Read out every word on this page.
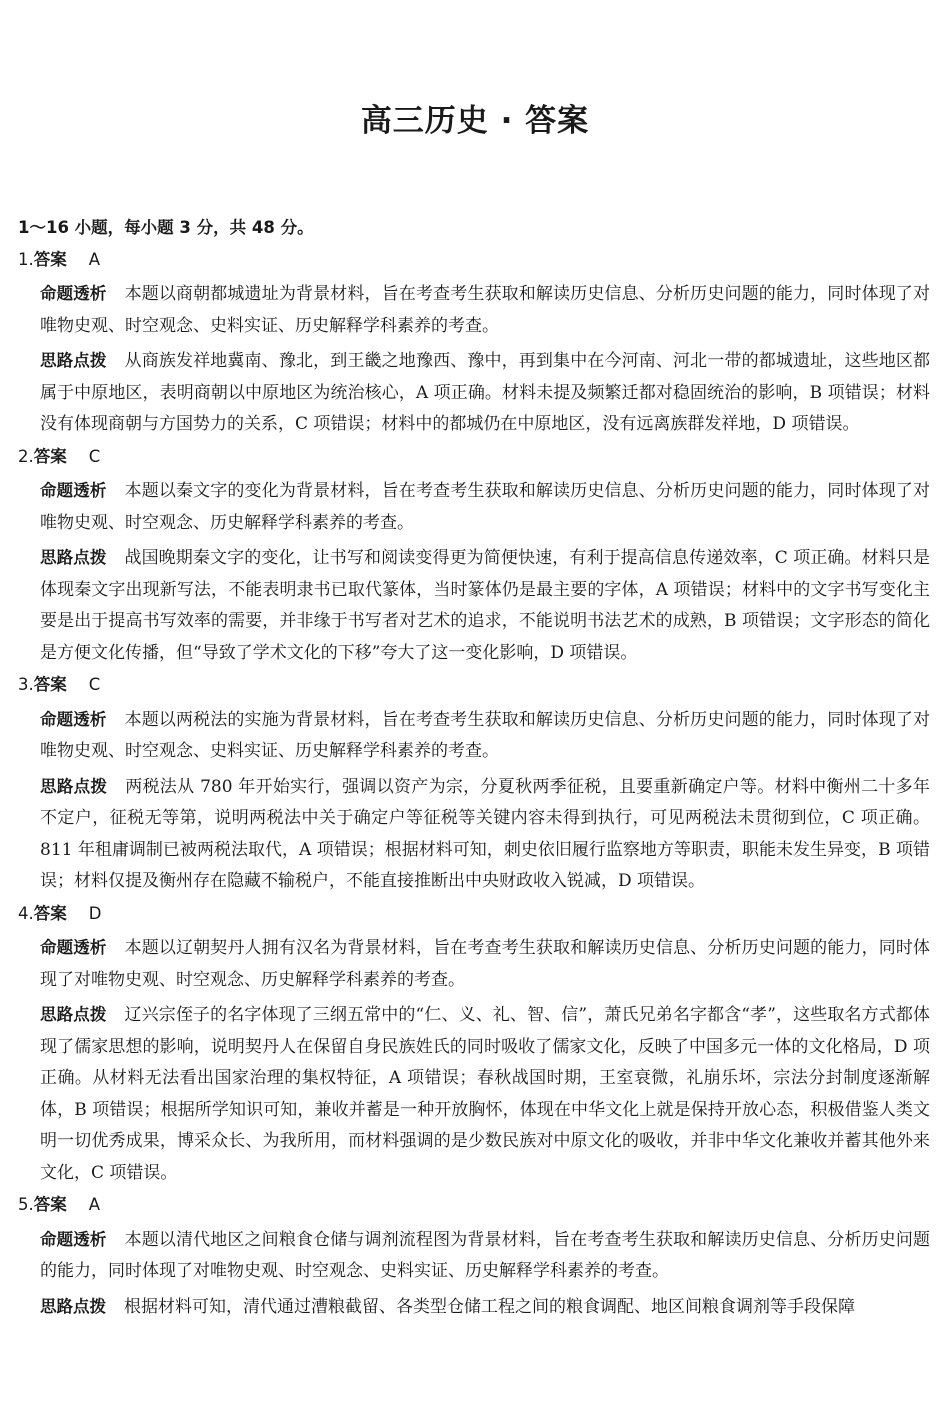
高三历史 · 答案
1～16 小题，每小题 3 分，共 48 分。
1.答案 A
命题透析 本题以商朝都城遗址为背景材料，旨在考查考生获取和解读历史信息、分析历史问题的能力，同时体现了对唯物史观、时空观念、史料实证、历史解释学科素养的考查。
思路点拨 从商族发祥地冀南、豫北，到王畿之地豫西、豫中，再到集中在今河南、河北一带的都城遗址，这些地区都属于中原地区，表明商朝以中原地区为统治核心，A 项正确。材料未提及频繁迁都对稳固统治的影响，B 项错误；材料没有体现商朝与方国势力的关系，C 项错误；材料中的都城仍在中原地区，没有远离族群发祥地，D 项错误。
2.答案 C
命题透析 本题以秦文字的变化为背景材料，旨在考查考生获取和解读历史信息、分析历史问题的能力，同时体现了对唯物史观、时空观念、历史解释学科素养的考查。
思路点拨 战国晚期秦文字的变化，让书写和阅读变得更为简便快速，有利于提高信息传递效率，C 项正确。材料只是体现秦文字出现新写法，不能表明隶书已取代篆体，当时篆体仍是最主要的字体，A 项错误；材料中的文字书写变化主要是出于提高书写效率的需要，并非缘于书写者对艺术的追求，不能说明书法艺术的成熟，B 项错误；文字形态的简化是方便文化传播，但“导致了学术文化的下移”夸大了这一变化影响，D 项错误。
3.答案 C
命题透析 本题以两税法的实施为背景材料，旨在考查考生获取和解读历史信息、分析历史问题的能力，同时体现了对唯物史观、时空观念、史料实证、历史解释学科素养的考查。
思路点拨 两税法从 780 年开始实行，强调以资产为宗，分夏秋两季征税，且要重新确定户等。材料中衡州二十多年不定户，征税无等第，说明两税法中关于确定户等征税等关键内容未得到执行，可见两税法未贯彻到位，C 项正确。811 年租庸调制已被两税法取代，A 项错误；根据材料可知，刺史依旧履行监察地方等职责，职能未发生异变，B 项错误；材料仅提及衡州存在隐藏不输税户，不能直接推断出中央财政收入锐减，D 项错误。
4.答案 D
命题透析 本题以辽朝契丹人拥有汉名为背景材料，旨在考查考生获取和解读历史信息、分析历史问题的能力，同时体现了对唯物史观、时空观念、历史解释学科素养的考查。
思路点拨 辽兴宗侄子的名字体现了三纲五常中的“仁、义、礼、智、信”，萧氏兄弟名字都含“孝”，这些取名方式都体现了儒家思想的影响，说明契丹人在保留自身民族姓氏的同时吸收了儒家文化，反映了中国多元一体的文化格局，D 项正确。从材料无法看出国家治理的集权特征，A 项错误；春秋战国时期，王室衰微，礼崩乐坏，宗法分封制度逐渐解体，B 项错误；根据所学知识可知，兼收并蓄是一种开放胸怀，体现在中华文化上就是保持开放心态，积极借鉴人类文明一切优秀成果，博采众长、为我所用，而材料强调的是少数民族对中原文化的吸收，并非中华文化兼收并蓄其他外来文化，C 项错误。
5.答案 A
命题透析 本题以清代地区之间粮食仓储与调剂流程图为背景材料，旨在考查考生获取和解读历史信息、分析历史问题的能力，同时体现了对唯物史观、时空观念、史料实证、历史解释学科素养的考查。
思路点拨 根据材料可知，清代通过漕粮截留、各类型仓储工程之间的粮食调配、地区间粮食调剂等手段保障
